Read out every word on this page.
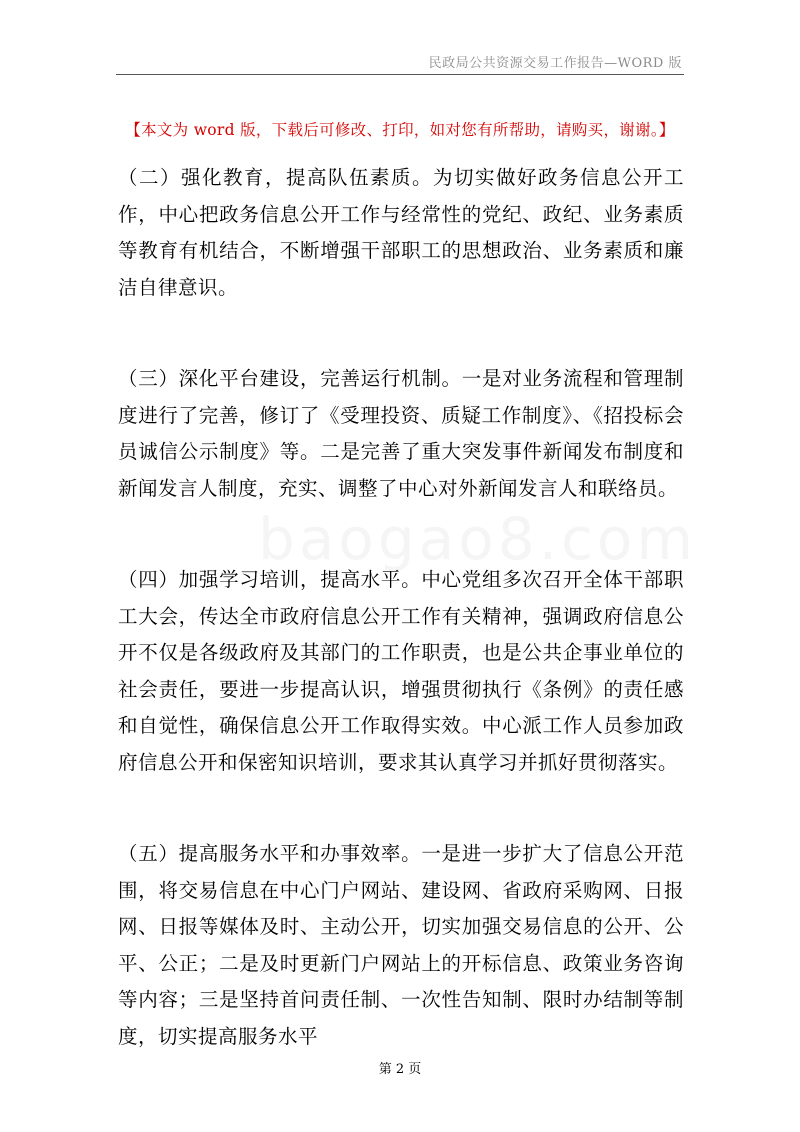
民政局公共资源交易工作报告—WORD 版
【本文为 word 版，下载后可修改、打印，如对您有所帮助，请购买，谢谢。】
baogao8.com

（二）强化教育，提高队伍素质。为切实做好政务信息公开工作，中心把政务信息公开工作与经常性的党纪、政纪、业务素质等教育有机结合，不断增强干部职工的思想政治、业务素质和廉洁自律意识。

（三）深化平台建设，完善运行机制。一是对业务流程和管理制度进行了完善，修订了《受理投资、质疑工作制度》、《招投标会员诚信公示制度》等。二是完善了重大突发事件新闻发布制度和新闻发言人制度，充实、调整了中心对外新闻发言人和联络员。

（四）加强学习培训，提高水平。中心党组多次召开全体干部职工大会，传达全市政府信息公开工作有关精神，强调政府信息公开不仅是各级政府及其部门的工作职责，也是公共企事业单位的社会责任，要进一步提高认识，增强贯彻执行《条例》的责任感和自觉性，确保信息公开工作取得实效。中心派工作人员参加政府信息公开和保密知识培训，要求其认真学习并抓好贯彻落实。

（五）提高服务水平和办事效率。一是进一步扩大了信息公开范围，将交易信息在中心门户网站、建设网、省政府采购网、日报网、日报等媒体及时、主动公开，切实加强交易信息的公开、公平、公正；二是及时更新门户网站上的开标信息、政策业务咨询等内容；三是坚持首问责任制、一次性告知制、限时办结制等制度，切实提高服务水平

第 2 页
